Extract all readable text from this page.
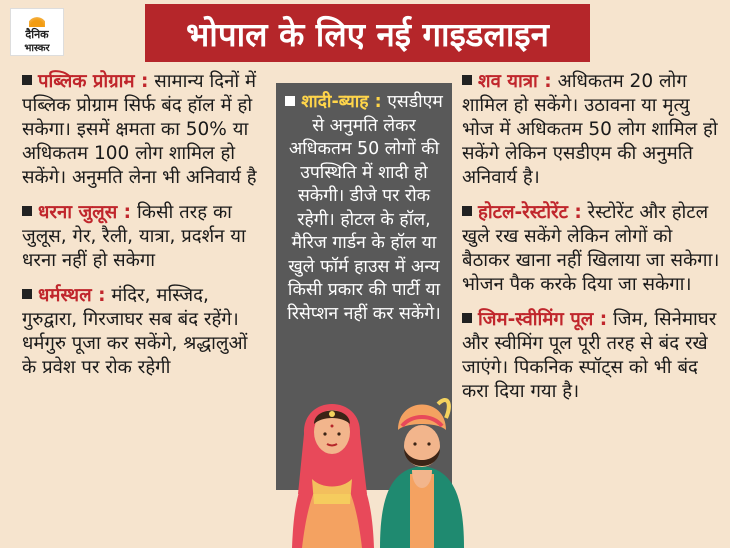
दैनिक
भास्कर	भोपाल के लिए नई गाइडलाइन
पब्लिक प्रोग्राम : सामान्य दिनों में पब्लिक प्रोग्राम सिर्फ बंद हॉल में हो सकेगा। इसमें क्षमता का 50% या अधिकतम 100 लोग शामिल हो सकेंगे। अनुमति लेना भी अनिवार्य है
धरना जुलूस : किसी तरह का जुलूस, गेर, रैली, यात्रा, प्रदर्शन या धरना नहीं हो सकेगा
धर्मस्थल : मंदिर, मस्जिद, गुरुद्वारा, गिरजाघर सब बंद रहेंगे। धर्मगुरु पूजा कर सकेंगे, श्रद्धालुओं के प्रवेश पर रोक रहेगी
शादी-ब्याह : एसडीएम से अनुमति लेकर अधिकतम 50 लोगों की उपस्थिति में शादी हो सकेगी। डीजे पर रोक रहेगी। होटल के हॉल, मैरिज गार्डन के हॉल या खुले फॉर्म हाउस में अन्य किसी प्रकार की पार्टी या रिसेप्शन नहीं कर सकेंगे।
शव यात्रा : अधिकतम 20 लोग शामिल हो सकेंगे। उठावना या मृत्यु भोज में अधिकतम 50 लोग शामिल हो सकेंगे लेकिन एसडीएम की अनुमति अनिवार्य है।
होटल-रेस्टोरेंट : रेस्टोरेंट और होटल खुले रख सकेंगे लेकिन लोगों को बैठाकर खाना नहीं खिलाया जा सकेगा। भोजन पैक करके दिया जा सकेगा।
जिम-स्वीमिंग पूल : जिम, सिनेमाघर और स्वीमिंग पूल पूरी तरह से बंद रखे जाएंगे। पिकनिक स्पॉट्स को भी बंद करा दिया गया है।
